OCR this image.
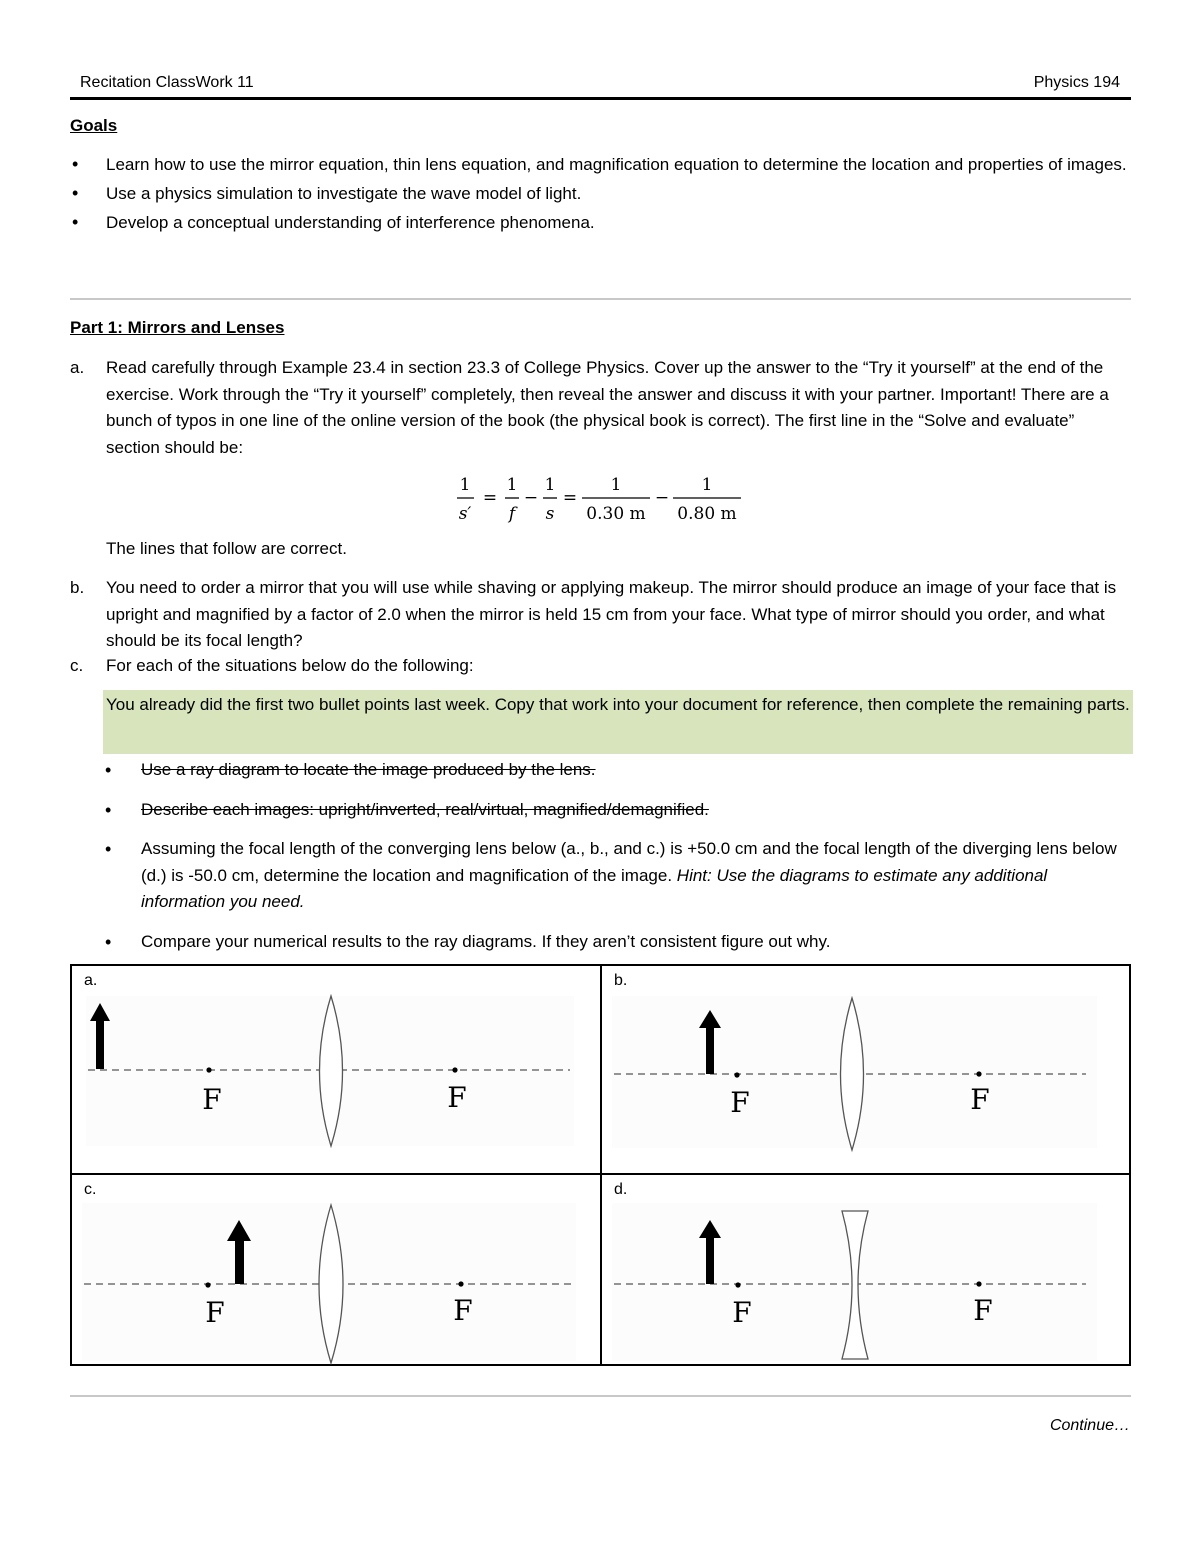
Recitation ClassWork 11	Physics 194
Goals
• Learn how to use the mirror equation, thin lens equation, and magnification equation to determine the location and properties of images.
• Use a physics simulation to investigate the wave model of light.
• Develop a conceptual understanding of interference phenomena.
Part 1: Mirrors and Lenses
a. Read carefully through Example 23.4 in section 23.3 of College Physics. Cover up the answer to the “Try it yourself” at the end of the exercise. Work through the “Try it yourself” completely, then reveal the answer and discuss it with your partner. Important! There are a bunch of typos in one line of the online version of the book (the physical book is correct). The first line in the “Solve and evaluate” section should be:
1
s′
=
1
f
−
1
s
=
1
0.30 m
−
1
0.80 m
The lines that follow are correct.
b. You need to order a mirror that you will use while shaving or applying makeup. The mirror should produce an image of your face that is upright and magnified by a factor of 2.0 when the mirror is held 15 cm from your face. What type of mirror should you order, and what should be its focal length?
c. For each of the situations below do the following:
You already did the first two bullet points last week. Copy that work into your document for reference, then complete the remaining parts.
• Use a ray diagram to locate the image produced by the lens.
• Describe each images: upright/inverted, real/virtual, magnified/demagnified.
• Assuming the focal length of the converging lens below (a., b., and c.) is +50.0 cm and the focal length of the diverging lens below (d.) is -50.0 cm, determine the location and magnification of the image. Hint: Use the diagrams to estimate any additional information you need.
• Compare your numerical results to the ray diagrams. If they aren’t consistent figure out why.
F	F
a.
F	F
b.
F	F
c.
F	F
d.
Continue…
